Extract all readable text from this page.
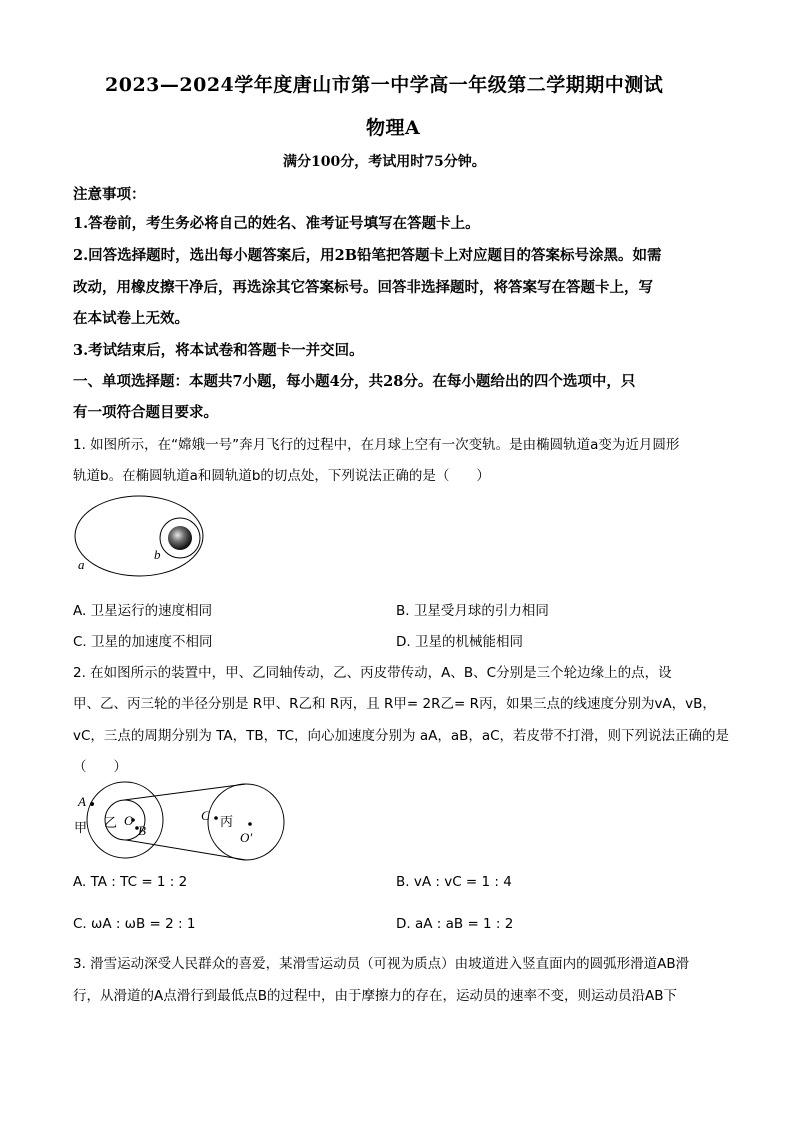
2023—2024学年度唐山市第一中学高一年级第二学期期中测试
物理A
满分100分，考试用时75分钟。
注意事项：
1.答卷前，考生务必将自己的姓名、准考证号填写在答题卡上。
2.回答选择题时，选出每小题答案后，用2B铅笔把答题卡上对应题目的答案标号涂黑。如需
改动，用橡皮擦干净后，再选涂其它答案标号。回答非选择题时，将答案写在答题卡上，写
在本试卷上无效。
3.考试结束后，将本试卷和答题卡一并交回。
一、单项选择题：本题共7小题，每小题4分，共28分。在每小题给出的四个选项中，只
有一项符合题目要求。
1. 如图所示，在“嫦娥一号”奔月飞行的过程中，在月球上空有一次变轨。是由椭圆轨道a变为近月圆形
轨道b。在椭圆轨道a和圆轨道b的切点处，下列说法正确的是（　　）
b
a
A. 卫星运行的速度相同	B. 卫星受月球的引力相同
C. 卫星的加速度不相同	D. 卫星的机械能相同
2. 在如图所示的装置中，甲、乙同轴传动，乙、丙皮带传动，A、B、C分别是三个轮边缘上的点，设
甲、乙、丙三轮的半径分别是 R甲、R乙和 R丙，且 R甲= 2R乙= R丙，如果三点的线速度分别为vA，vB，
vC，三点的周期分别为 TA，TB，TC，向心加速度分别为 aA，aB，aC，若皮带不打滑，则下列说法正确的是
（　　）
A
甲 乙 O
B
C 丙
O′
A. TA : TC = 1 : 2	B. vA : vC = 1 : 4
C. ωA : ωB = 2 : 1	D. aA : aB = 1 : 2
3. 滑雪运动深受人民群众的喜爱，某滑雪运动员（可视为质点）由坡道进入竖直面内的圆弧形滑道AB滑
行，从滑道的A点滑行到最低点B的过程中，由于摩擦力的存在，运动员的速率不变，则运动员沿AB下
